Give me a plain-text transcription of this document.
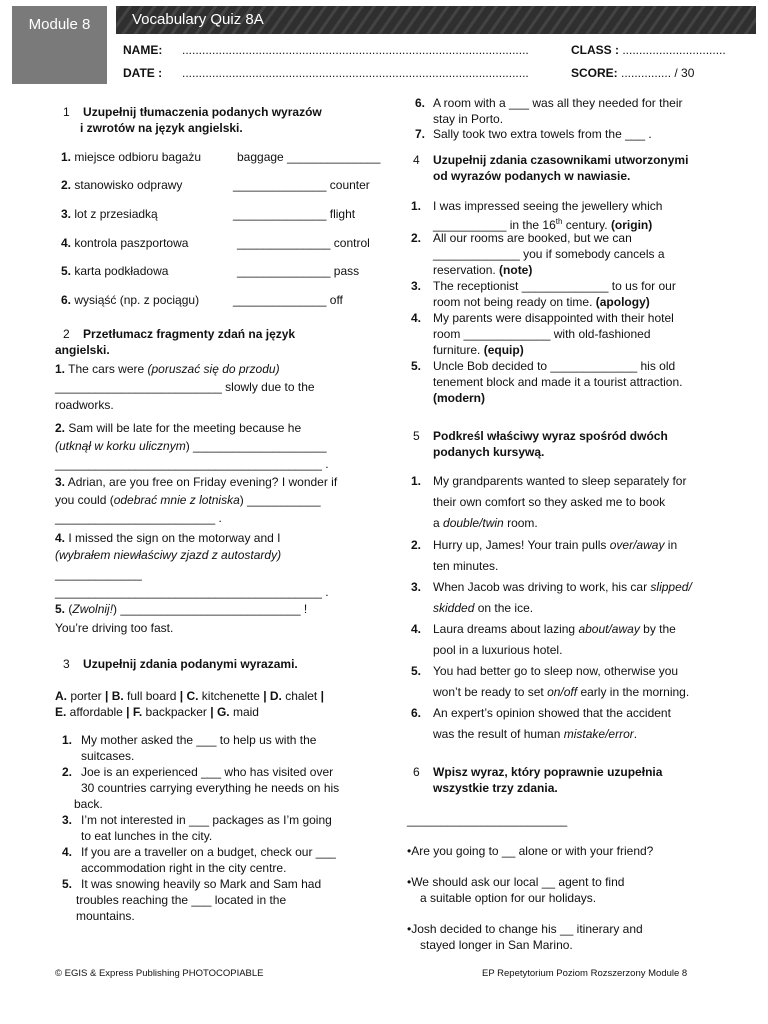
Module 8	Vocabulary Quiz 8A
NAME: ........................................................................................................	CLASS : ...............................
DATE : ........................................................................................................	SCORE: ............... / 30
1 Uzupełnij tłumaczenia podanych wyrazów
i zwrotów na język angielski.
1. miejsce odbioru bagażu	baggage ______________
2. stanowisko odprawy	______________ counter
3. lot z przesiadką	______________ flight
4. kontrola paszportowa	______________ control
5. karta podkładowa	______________ pass
6. wysiąść (np. z pociągu)	______________ off
2 Przetłumacz fragmenty zdań na język
angielski.
1. The cars were (poruszać się do przodu)
_________________________ slowly due to the
roadworks.
2. Sam will be late for the meeting because he
(utknął w korku ulicznym) ____________________
________________________________________ .
3. Adrian, are you free on Friday evening? I wonder if
you could (odebrać mnie z lotniska) ___________
________________________ .
4. I missed the sign on the motorway and I
(wybrałem niewłaściwy zjazd z autostardy)
_____________
________________________________________ .
5. (Zwolnij!) ___________________________ !
You’re driving too fast.
3 Uzupełnij zdania podanymi wyrazami.
A. porter | B. full board | C. kitchenette | D. chalet |
E. affordable | F. backpacker | G. maid
1. My mother asked the ___ to help us with the
suitcases.
2. Joe is an experienced ___ who has visited over
30 countries carrying everything he needs on his
back.
3. I’m not interested in ___ packages as I’m going
to eat lunches in the city.
4. If you are a traveller on a budget, check our ___
accommodation right in the city centre.
5. It was snowing heavily so Mark and Sam had
troubles reaching the ___ located in the
mountains.
6. A room with a ___ was all they needed for their
stay in Porto.
7. Sally took two extra towels from the ___ .
4 Uzupełnij zdania czasownikami utworzonymi
od wyrazów podanych w nawiasie.
1. I was impressed seeing the jewellery which
___________ in the 16th century. (origin)
2. All our rooms are booked, but we can
_____________ you if somebody cancels a
reservation. (note)
3. The receptionist _____________ to us for our
room not being ready on time. (apology)
4. My parents were disappointed with their hotel
room _____________ with old-fashioned
furniture. (equip)
5. Uncle Bob decided to _____________ his old
tenement block and made it a tourist attraction.
(modern)
5 Podkreśl właściwy wyraz spośród dwóch
podanych kursywą.
1. My grandparents wanted to sleep separately for
their own comfort so they asked me to book
a double/twin room.
2. Hurry up, James! Your train pulls over/away in
ten minutes.
3. When Jacob was driving to work, his car slipped/
skidded on the ice.
4. Laura dreams about lazing about/away by the
pool in a luxurious hotel.
5. You had better go to sleep now, otherwise you
won’t be ready to set on/off early in the morning.
6. An expert’s opinion showed that the accident
was the result of human mistake/error.
6 Wpisz wyraz, który poprawnie uzupełnia
wszystkie trzy zdania.
________________________
•Are you going to __ alone or with your friend?
•We should ask our local __ agent to find
a suitable option for our holidays.
•Josh decided to change his __ itinerary and
stayed longer in San Marino.
© EGIS & Express Publishing PHOTOCOPIABLE	EP Repetytorium Poziom Rozszerzony Module 8
